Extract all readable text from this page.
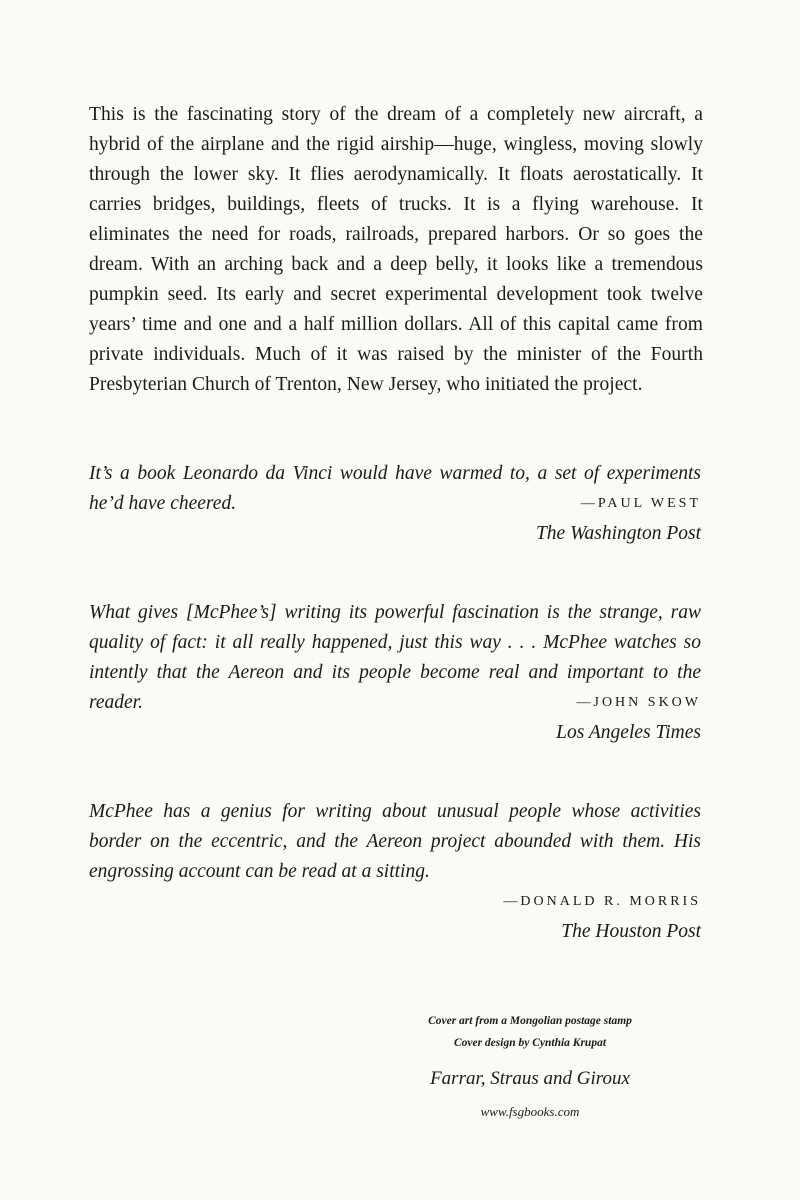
This is the fascinating story of the dream of a completely new aircraft, a hybrid of the airplane and the rigid airship—huge, wingless, moving slowly through the lower sky. It flies aerodynamically. It floats aerostatically. It carries bridges, buildings, fleets of trucks. It is a flying warehouse. It eliminates the need for roads, railroads, prepared harbors. Or so goes the dream. With an arching back and a deep belly, it looks like a tremendous pumpkin seed. Its early and secret experimental development took twelve years’ time and one and a half million dollars. All of this capital came from private individuals. Much of it was raised by the minister of the Fourth Presbyterian Church of Trenton, New Jersey, who initiated the project.

It’s a book Leonardo da Vinci would have warmed to, a set of experiments he’d have cheered.	—PAUL WEST
The Washington Post
What gives [McPhee’s] writing its powerful fascination is the strange, raw quality of fact: it all really happened, just this way . . . McPhee watches so intently that the Aereon and its people become real and important to the reader.	—JOHN SKOW
Los Angeles Times
McPhee has a genius for writing about unusual people whose activities border on the eccentric, and the Aereon project abounded with them. His engrossing account can be read at a sitting.
—DONALD R. MORRIS
The Houston Post
Cover art from a Mongolian postage stamp
Cover design by Cynthia Krupat
Farrar, Straus and Giroux
www.fsgbooks.com
